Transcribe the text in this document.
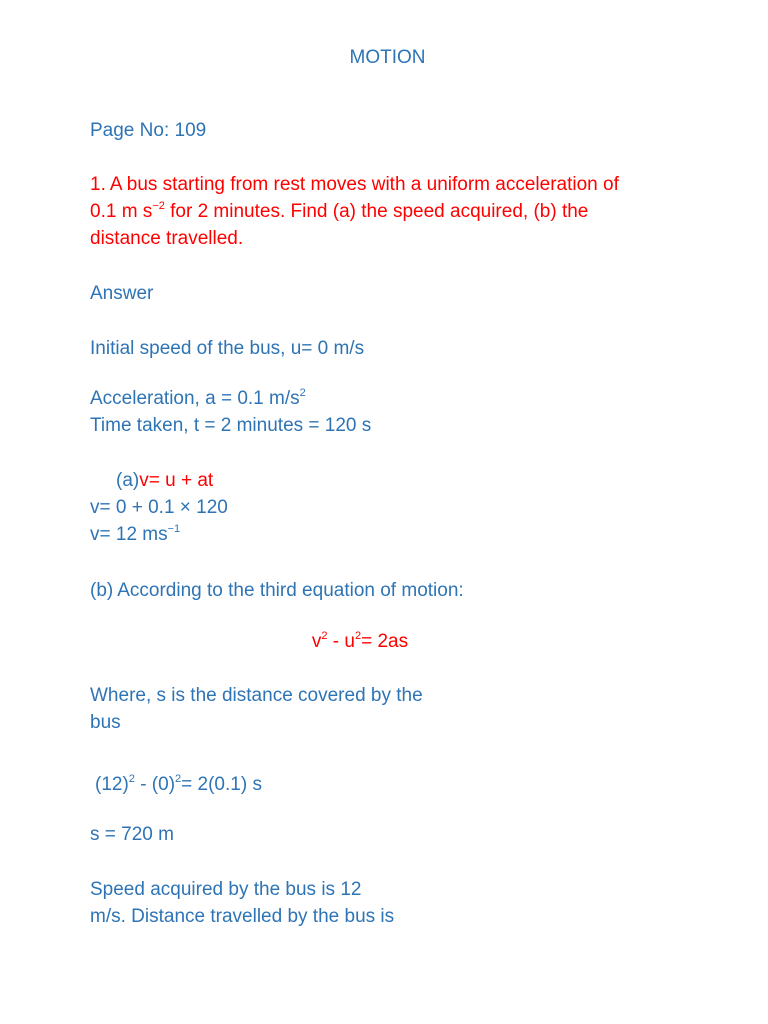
MOTION
Page No: 109
1. A bus starting from rest moves with a uniform acceleration of
0.1 m $s^{-2}$ for 2 minutes. Find (a) the speed acquired, (b) the
distance travelled.
Answer
Initial speed of the bus, u= 0 m/s
Acceleration, a = 0.1 $m/s^2$
Time taken, t = 2 minutes = 120 s
(a)v= u + at
v= 0 + 0.1 × 120
v= 12 $ms^{-1}$
(b) According to the third equation of motion:
$v^2 - u^2= 2as$
Where, s is the distance covered by the
bus
$(12)^2 - (0)^2= 2(0.1)$ s
s = 720 m
Speed acquired by the bus is 12
m/s. Distance travelled by the bus is
